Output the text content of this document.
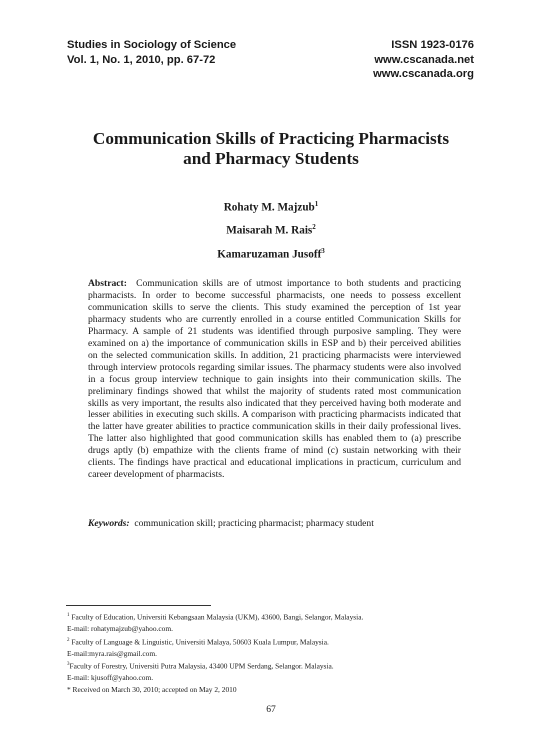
Studies in Sociology of Science
Vol. 1, No. 1, 2010, pp. 67-72
ISSN 1923-0176
www.cscanada.net
www.cscanada.org
Communication Skills of Practicing Pharmacists
and Pharmacy Students
Rohaty M. Majzub$^1$
Maisarah M. Rais$^2$
Kamaruzaman Jusoff$^3$
Abstract: Communication skills are of utmost importance to both students and practicing pharmacists. In order to become successful pharmacists, one needs to possess excellent communication skills to serve the clients. This study examined the perception of 1st year pharmacy students who are currently enrolled in a course entitled Communication Skills for Pharmacy. A sample of 21 students was identified through purposive sampling. They were examined on a) the importance of communication skills in ESP and b) their perceived abilities on the selected communication skills. In addition, 21 practicing pharmacists were interviewed through interview protocols regarding similar issues. The pharmacy students were also involved in a focus group interview technique to gain insights into their communication skills. The preliminary findings showed that whilst the majority of students rated most communication skills as very important, the results also indicated that they perceived having both moderate and lesser abilities in executing such skills. A comparison with practicing pharmacists indicated that the latter have greater abilities to practice communication skills in their daily professional lives. The latter also highlighted that good communication skills has enabled them to (a) prescribe drugs aptly (b) empathize with the clients frame of mind (c) sustain networking with their clients. The findings have practical and educational implications in practicum, curriculum and career development of pharmacists.
Keywords: communication skill; practicing pharmacist; pharmacy student
$^1$ Faculty of Education, Universiti Kebangsaan Malaysia (UKM), 43600, Bangi, Selangor, Malaysia.
E-mail: rohatymajzub@yahoo.com.
$^2$ Faculty of Language & Linguistic, Universiti Malaya, 50603 Kuala Lumpur, Malaysia.
E-mail:myra.rais@gmail.com.
$^3$Faculty of Forestry, Universiti Putra Malaysia, 43400 UPM Serdang, Selangor. Malaysia.
E-mail: kjusoff@yahoo.com.
* Received on March 30, 2010; accepted on May 2, 2010
67
